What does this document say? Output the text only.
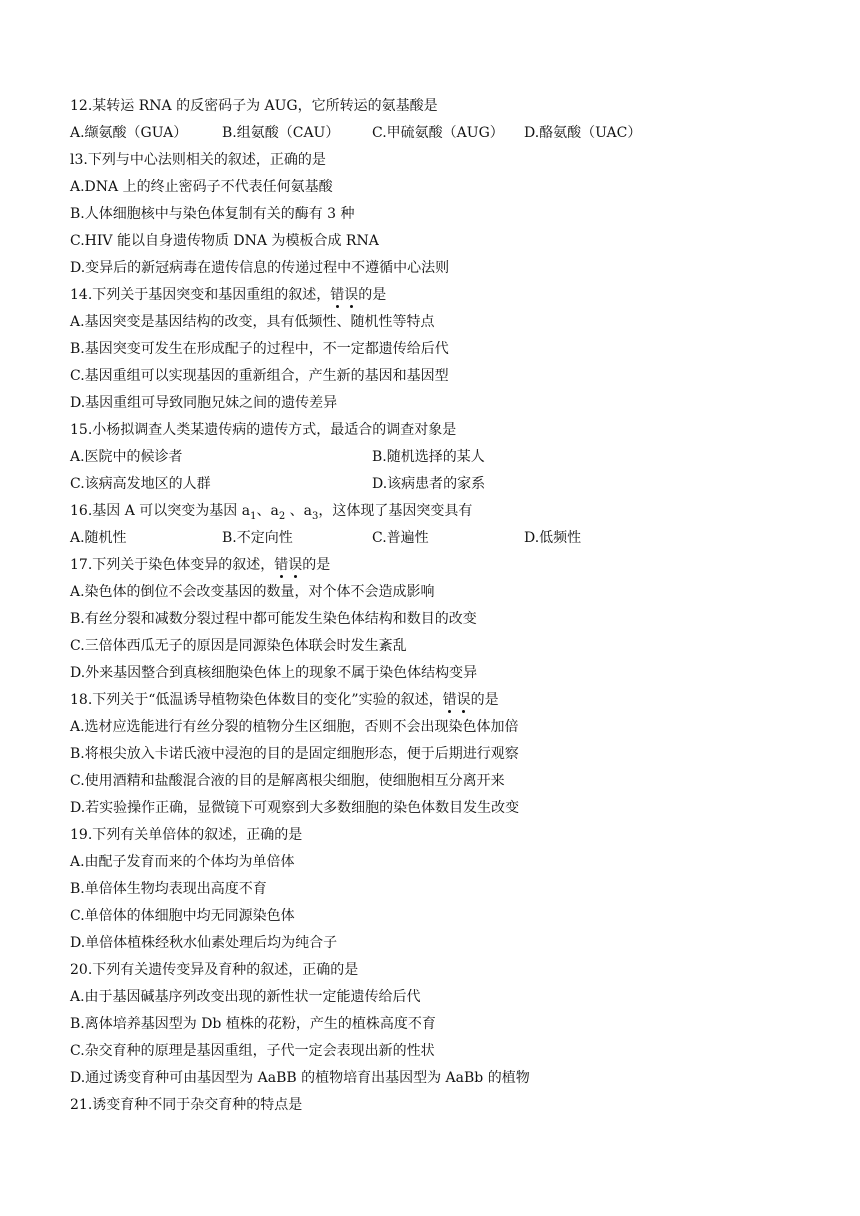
12.某转运 RNA 的反密码子为 AUG，它所转运的氨基酸是
A.缬氨酸（GUA） B.组氨酸（CAU） C.甲硫氨酸（AUG） D.酪氨酸（UAC）
l3.下列与中心法则相关的叙述，正确的是
A.DNA 上的终止密码子不代表任何氨基酸
B.人体细胞核中与染色体复制有关的酶有 3 种
C.HIV 能以自身遗传物质 DNA 为模板合成 RNA
D.变异后的新冠病毒在遗传信息的传递过程中不遵循中心法则
14.下列关于基因突变和基因重组的叙述，错误的是
A.基因突变是基因结构的改变，具有低频性、随机性等特点
B.基因突变可发生在形成配子的过程中，不一定都遗传给后代
C.基因重组可以实现基因的重新组合，产生新的基因和基因型
D.基因重组可导致同胞兄妹之间的遗传差异
15.小杨拟调查人类某遗传病的遗传方式，最适合的调查对象是
A.医院中的候诊者	B.随机选择的某人
C.该病高发地区的人群	D.该病患者的家系
16.基因 A 可以突变为基因 $a_1$、$a_2$ 、$a_3$，这体现了基因突变具有
A.随机性	B.不定向性	C.普遍性	D.低频性
17.下列关于染色体变异的叙述，错误的是
A.染色体的倒位不会改变基因的数量，对个体不会造成影响
B.有丝分裂和减数分裂过程中都可能发生染色体结构和数目的改变
C.三倍体西瓜无子的原因是同源染色体联会时发生紊乱
D.外来基因整合到真核细胞染色体上的现象不属于染色体结构变异
18.下列关于“低温诱导植物染色体数目的变化”实验的叙述，错误的是
A.选材应选能进行有丝分裂的植物分生区细胞，否则不会出现染色体加倍
B.将根尖放入卡诺氏液中浸泡的目的是固定细胞形态，便于后期进行观察
C.使用酒精和盐酸混合液的目的是解离根尖细胞，使细胞相互分离开来
D.若实验操作正确，显微镜下可观察到大多数细胞的染色体数目发生改变
19.下列有关单倍体的叙述，正确的是
A.由配子发育而来的个体均为单倍体
B.单倍体生物均表现出高度不育
C.单倍体的体细胞中均无同源染色体
D.单倍体植株经秋水仙素处理后均为纯合子
20.下列有关遗传变异及育种的叙述，正确的是
A.由于基因碱基序列改变出现的新性状一定能遗传给后代
B.离体培养基因型为 Db 植株的花粉，产生的植株高度不育
C.杂交育种的原理是基因重组，子代一定会表现出新的性状
D.通过诱变育种可由基因型为 AaBB 的植物培育出基因型为 AaBb 的植物
21.诱变育种不同于杂交育种的特点是
